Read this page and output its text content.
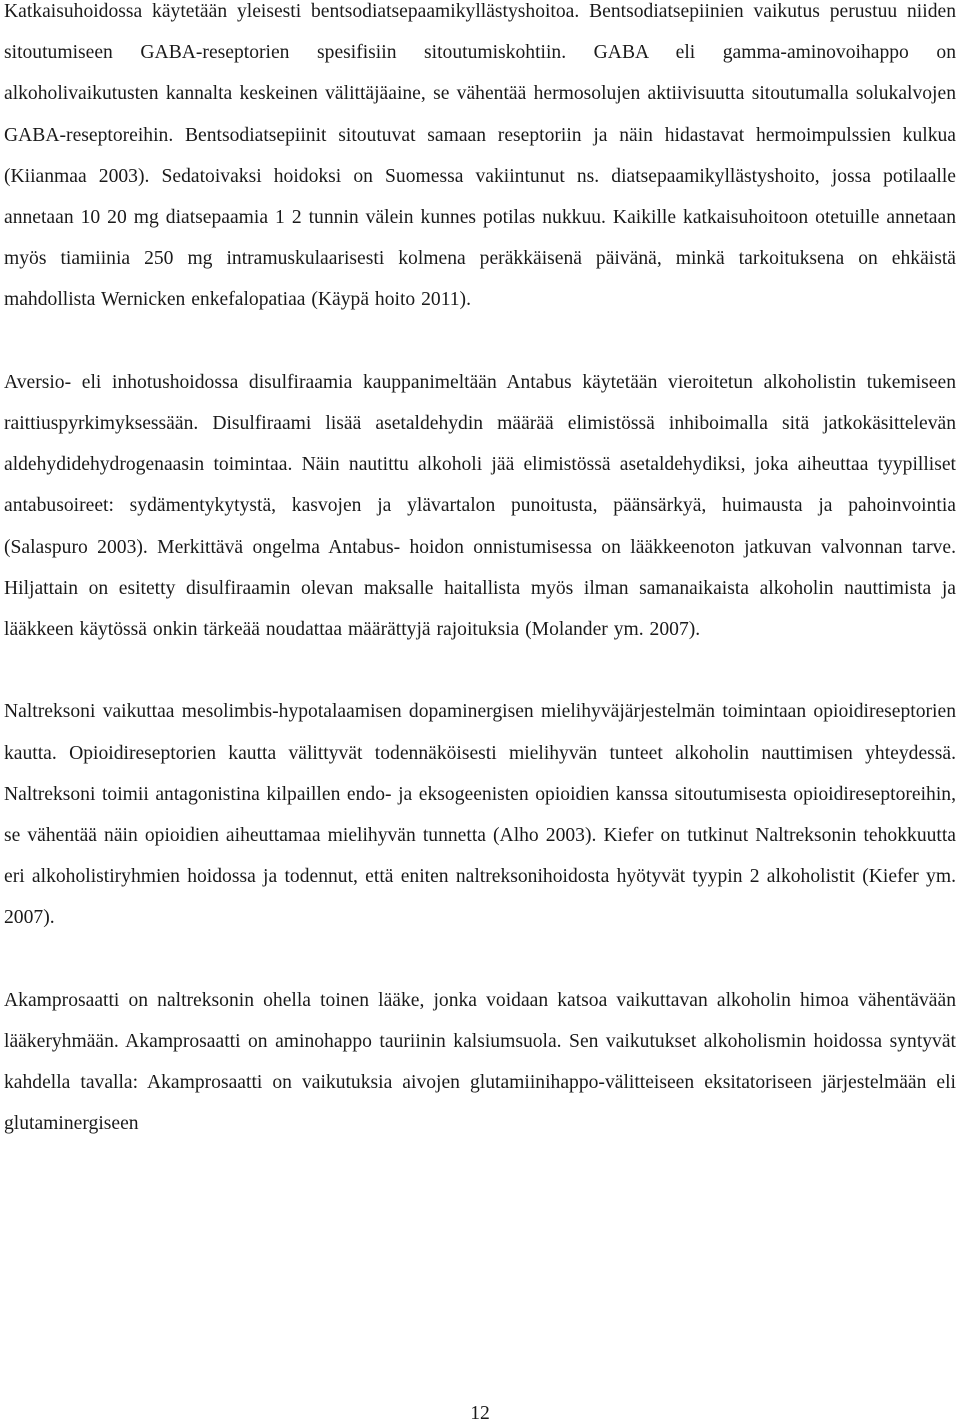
Katkaisuhoidossa käytetään yleisesti bentsodiatsepaamikyllästyshoitoa. Bentsodiatsepiinien vaikutus perustuu niiden sitoutumiseen GABA-reseptorien spesifisiin sitoutumiskohtiin. GABA eli gamma-aminovoihappo on alkoholivaikutusten kannalta keskeinen välittäjäaine, se vähentää hermosolujen aktiivisuutta sitoutumalla solukalvojen GABA-reseptoreihin. Bentsodiatsepiinit sitoutuvat samaan reseptoriin ja näin hidastavat hermoimpulssien kulkua (Kiianmaa 2003). Sedatoivaksi hoidoksi on Suomessa vakiintunut ns. diatsepaamikyllästyshoito, jossa potilaalle annetaan 10 20 mg diatsepaamia 1 2 tunnin välein kunnes potilas nukkuu. Kaikille katkaisuhoitoon otetuille annetaan myös tiamiinia 250 mg intramuskulaarisesti kolmena peräkkäisenä päivänä, minkä tarkoituksena on ehkäistä mahdollista Wernicken enkefalopatiaa (Käypä hoito 2011).

Aversio- eli inhotushoidossa disulfiraamia kauppanimeltään Antabus käytetään vieroitetun alkoholistin tukemiseen raittiuspyrkimyksessään. Disulfiraami lisää asetaldehydin määrää elimistössä inhiboimalla sitä jatkokäsittelevän aldehydidehydrogenaasin toimintaa. Näin nautittu alkoholi jää elimistössä asetaldehydiksi, joka aiheuttaa tyypilliset antabusoireet: sydämentykytystä, kasvojen ja ylävartalon punoitusta, päänsärkyä, huimausta ja pahoinvointia (Salaspuro 2003). Merkittävä ongelma Antabus- hoidon onnistumisessa on lääkkeenoton jatkuvan valvonnan tarve. Hiljattain on esitetty disulfiraamin olevan maksalle haitallista myös ilman samanaikaista alkoholin nauttimista ja lääkkeen käytössä onkin tärkeää noudattaa määrättyjä rajoituksia (Molander ym. 2007).

Naltreksoni vaikuttaa mesolimbis-hypotalaamisen dopaminergisen mielihyväjärjestelmän toimintaan opioidireseptorien kautta. Opioidireseptorien kautta välittyvät todennäköisesti mielihyvän tunteet alkoholin nauttimisen yhteydessä. Naltreksoni toimii antagonistina kilpaillen endo- ja eksogeenisten opioidien kanssa sitoutumisesta opioidireseptoreihin, se vähentää näin opioidien aiheuttamaa mielihyvän tunnetta (Alho 2003). Kiefer on tutkinut Naltreksonin tehokkuutta eri alkoholistiryhmien hoidossa ja todennut, että eniten naltreksonihoidosta hyötyvät tyypin 2 alkoholistit (Kiefer ym. 2007).

Akamprosaatti on naltreksonin ohella toinen lääke, jonka voidaan katsoa vaikuttavan alkoholin himoa vähentävään lääkeryhmään. Akamprosaatti on aminohappo tauriinin kalsiumsuola. Sen vaikutukset alkoholismin hoidossa syntyvät kahdella tavalla: Akamprosaatti on vaikutuksia aivojen glutamiinihappo-välitteiseen eksitatoriseen järjestelmään eli glutaminergiseen

12
